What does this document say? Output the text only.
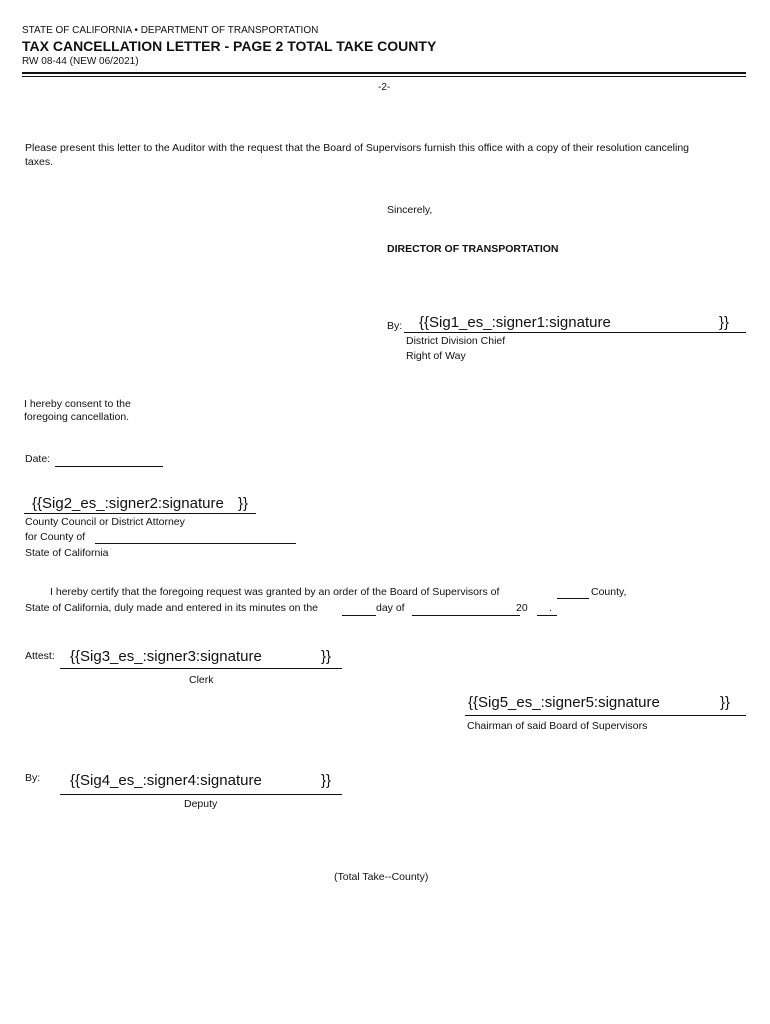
STATE OF CALIFORNIA • DEPARTMENT OF TRANSPORTATION
TAX CANCELLATION LETTER - PAGE 2 TOTAL TAKE COUNTY
RW 08-44 (NEW 06/2021)
-2-
Please present this letter to the Auditor with the request that the Board of Supervisors furnish this office with a copy of their resolution canceling
taxes.
Sincerely,
DIRECTOR OF TRANSPORTATION
By: {{Sig1_es_:signer1:signature	}}
District Division Chief
Right of Way
I hereby consent to the
foregoing cancellation.
Date:
{{Sig2_es_:signer2:signature }}
County Council or District Attorney
for County of
State of California
I hereby certify that the foregoing request was granted by an order of the Board of Supervisors of	County,
State of California, duly made and entered in its minutes on the	day of	20 .
Attest: {{Sig3_es_:signer3:signature	}}
Clerk
{{Sig5_es_:signer5:signature	}}
Chairman of said Board of Supervisors
By: {{Sig4_es_:signer4:signature	}}
Deputy
(Total Take--County)
